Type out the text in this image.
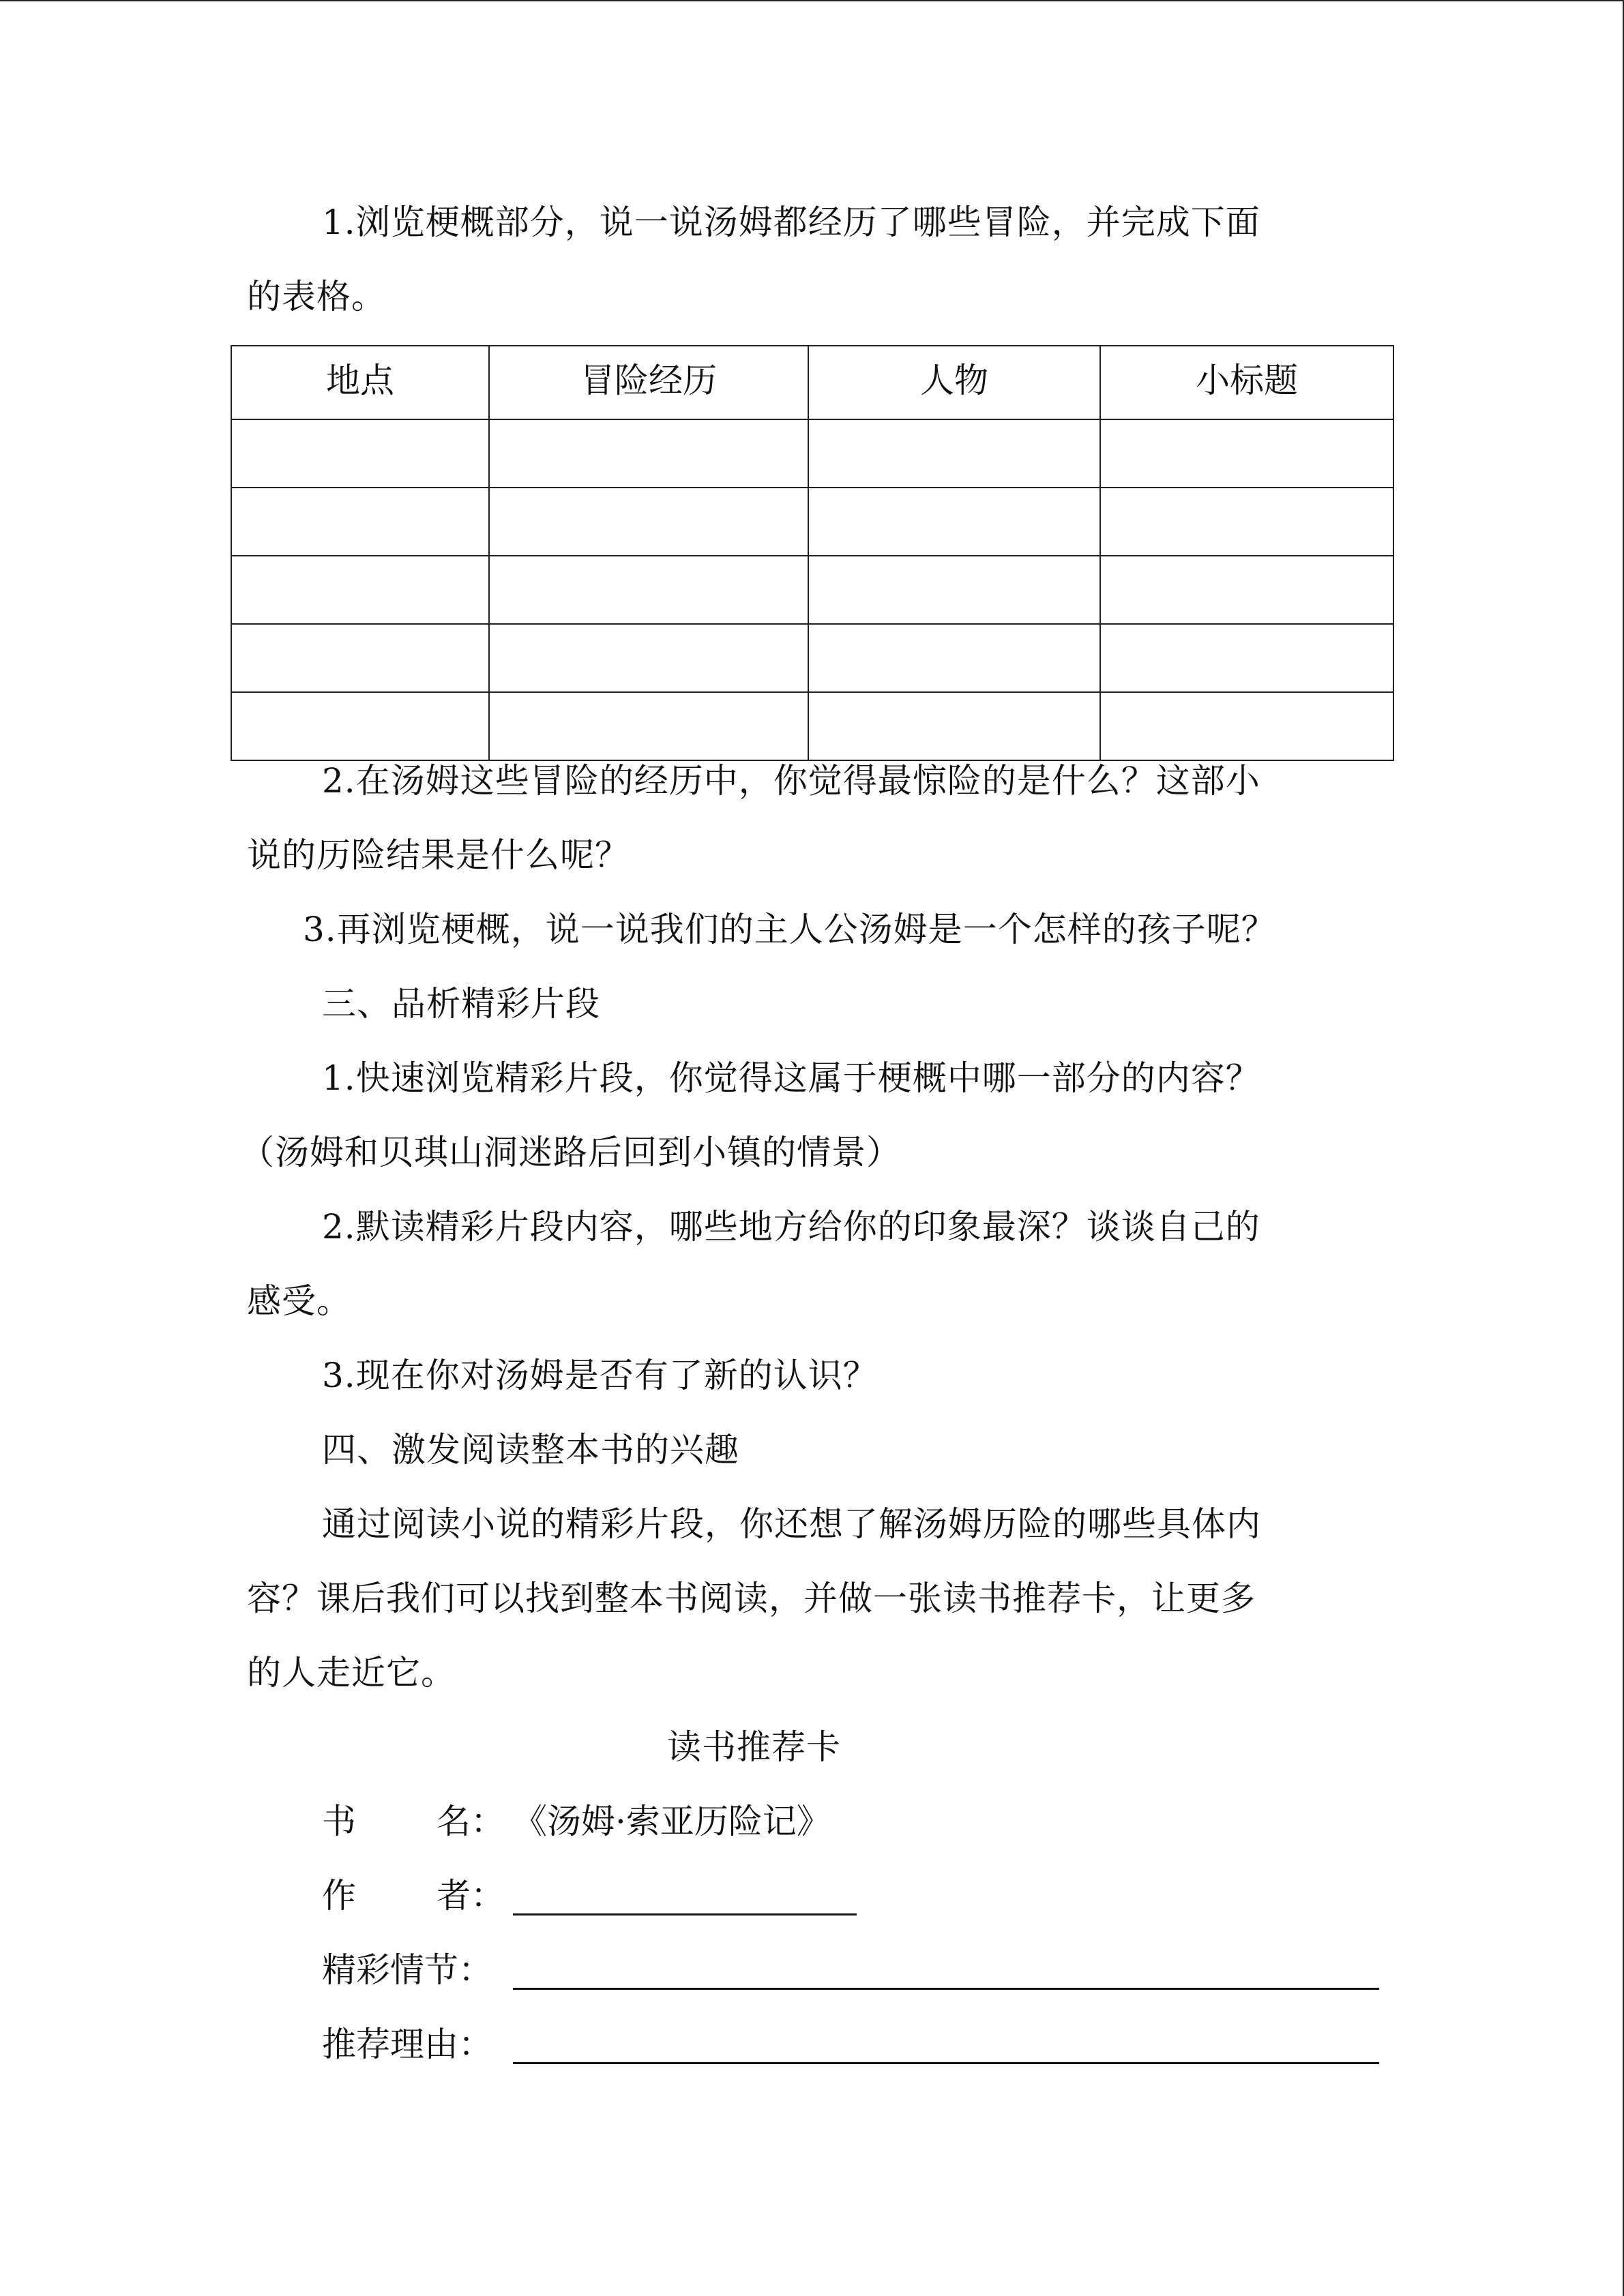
1.浏览梗概部分，说一说汤姆都经历了哪些冒险，并完成下面
的表格。
地点	冒险经历	人物	小标题

2.在汤姆这些冒险的经历中，你觉得最惊险的是什么？这部小
说的历险结果是什么呢？
3.再浏览梗概，说一说我们的主人公汤姆是一个怎样的孩子呢？
三、品析精彩片段
1.快速浏览精彩片段，你觉得这属于梗概中哪一部分的内容？
（汤姆和贝琪山洞迷路后回到小镇的情景）
2.默读精彩片段内容，哪些地方给你的印象最深？谈谈自己的
感受。
3.现在你对汤姆是否有了新的认识？
四、激发阅读整本书的兴趣
通过阅读小说的精彩片段，你还想了解汤姆历险的哪些具体内
容？课后我们可以找到整本书阅读，并做一张读书推荐卡，让更多
的人走近它。
读书推荐卡
书 名： 《汤姆·索亚历险记》
作 者：
精彩情节：
推荐理由：
